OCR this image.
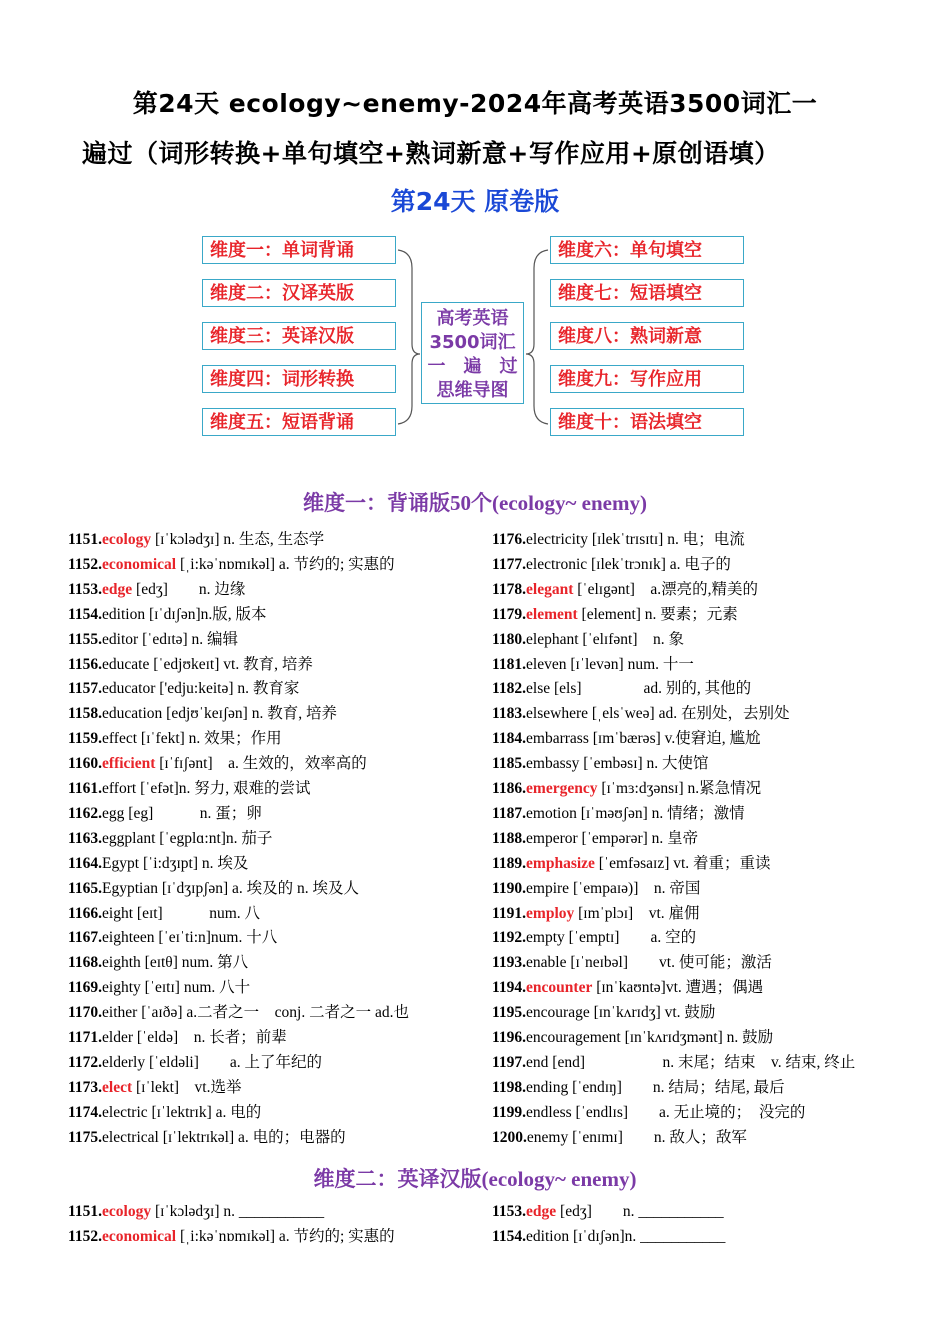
第24天 ecology~enemy-2024年高考英语3500词汇一
遍过（词形转换+单句填空+熟词新意+写作应用+原创语填）
第24天 原卷版
维度一：单词背诵
维度二：汉译英版
维度三：英译汉版
维度四：词形转换
维度五：短语背诵
维度六：单句填空
维度七：短语填空
维度八：熟词新意
维度九：写作应用
维度十：语法填空
高考英语
3500词汇
一　遍　过
思维导图
维度一：背诵版50个(ecology~ enemy)
1151.ecology [ɪˈkɔlədʒɪ] n. 生态, 生态学
1152.economical [ˌi:kəˈnɒmɪkəl] a. 节约的; 实惠的
1153.edge [edʒ]　　n. 边缘
1154.edition [ɪˈdɪʃən]n.版, 版本
1155.editor [ˈedɪtə] n. 编辑
1156.educate [ˈedjʊkeɪt] vt. 教育, 培养
1157.educator ['edju:keitə] n. 教育家
1158.education [edjʊˈkeɪʃən] n. 教育, 培养
1159.effect [ɪˈfekt] n. 效果；作用
1160.efficient [ɪˈfɪʃənt]　a. 生效的，效率高的
1161.effort [ˈefət]n. 努力, 艰难的尝试
1162.egg [eg]　　　n. 蛋；卵
1163.eggplant [ˈegplɑ:nt]n. 茄子
1164.Egypt [ˈi:dʒɪpt] n. 埃及
1165.Egyptian [ɪˈdʒɪpʃən] a. 埃及的 n. 埃及人
1166.eight [eɪt]　　　num. 八
1167.eighteen [ˈeɪˈti:n]num. 十八
1168.eighth [eɪtθ] num. 第八
1169.eighty [ˈeɪtɪ] num. 八十
1170.either [ˈaɪðə] a.二者之一　conj. 二者之一 ad.也
1171.elder [ˈeldə]　n. 长者；前辈
1172.elderly [ˈeldəli]　　a. 上了年纪的
1173.elect [ɪˈlekt]　vt.选举
1174.electric [ɪˈlektrɪk] a. 电的
1175.electrical [ɪˈlektrɪkəl] a. 电的；电器的
1176.electricity [ɪlekˈtrɪsɪtɪ] n. 电；电流
1177.electronic [ɪlekˈtrɔnɪk] a. 电子的
1178.elegant [ˈelɪgənt]　a.漂亮的,精美的
1179.element [element] n. 要素；元素
1180.elephant [ˈelɪfənt]　n. 象
1181.eleven [ɪˈlevən] num. 十一
1182.else [els]　　　　ad. 别的, 其他的
1183.elsewhere [ˌelsˈweə] ad. 在别处，去别处
1184.embarrass [ɪmˈbærəs] v.使窘迫, 尴尬
1185.embassy [ˈembəsɪ] n. 大使馆
1186.emergency [ɪˈmɜ:dʒənsɪ] n.紧急情况
1187.emotion [ɪˈməʊʃən] n. 情绪；激情
1188.emperor [ˈempərər] n. 皇帝
1189.emphasize [ˈemfəsaɪz] vt. 着重；重读
1190.empire [ˈempaɪə)]　n. 帝国
1191.employ [ɪmˈplɔɪ]　vt. 雇佣
1192.empty [ˈemptɪ]　　a. 空的
1193.enable [ɪˈneɪbəl]　　vt. 使可能；激活
1194.encounter [ɪnˈkaʊntə]vt. 遭遇；偶遇
1195.encourage [ɪnˈkʌrɪdʒ] vt. 鼓励
1196.encouragement [ɪnˈkʌrɪdʒmənt] n. 鼓励
1197.end [end]　　　　　n. 末尾；结束　v. 结束, 终止
1198.ending [ˈendɪŋ]　　n. 结局；结尾, 最后
1199.endless [ˈendlɪs]　　a. 无止境的；　没完的
1200.enemy [ˈenɪmɪ]　　n. 敌人；敌军
维度二：英译汉版(ecology~ enemy)
1151.ecology [ɪˈkɔlədʒɪ] n. ___________
1152.economical [ˌi:kəˈnɒmɪkəl] a. 节约的; 实惠的
1153.edge [edʒ]　　n. ___________
1154.edition [ɪˈdɪʃən]n. ___________
